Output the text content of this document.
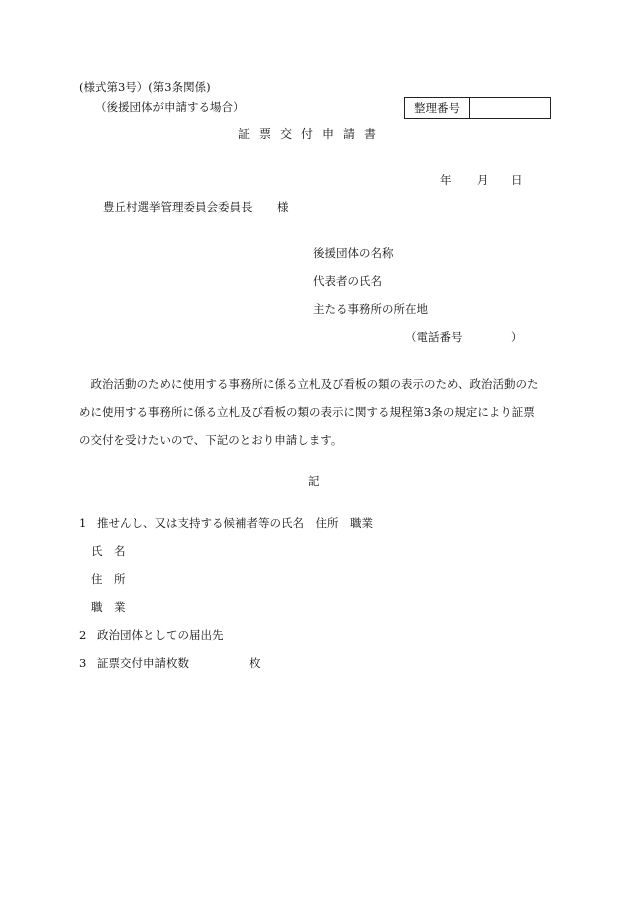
(様式第3号）(第3条関係)
（後援団体が申請する場合）	整理番号
証票交付申請書
年 月 日
豊丘村選挙管理委員会委員長 様
後援団体の名称
代表者の氏名
主たる事務所の所在地
（電話番号	）
　政治活動のために使用する事務所に係る立札及び看板の類の表示のため、政治活動のた
めに使用する事務所に係る立札及び看板の類の表示に関する規程第3条の規定により証票
の交付を受けたいので、下記のとおり申請します。
記
1 推せんし、又は支持する候補者等の氏名　住所　職業
氏　名
住　所
職　業
2 政治団体としての届出先
3 証票交付申請枚数	枚
